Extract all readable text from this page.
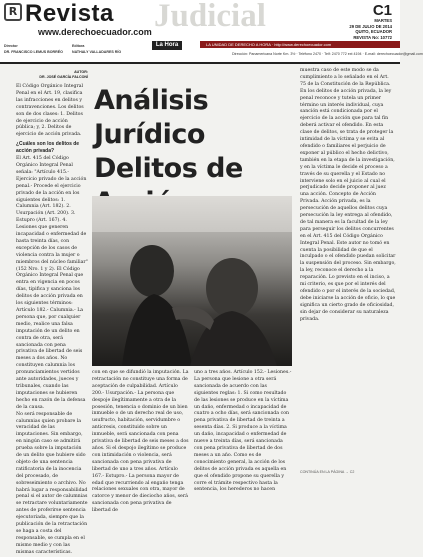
R Revista Judicial
www.derechoecuador.com
C1
MARTES
29 DE JULIO DE 2014
QUITO, ECUADOR
REVISTA No: 10772
Director
DR. FRANCISCO LEMUS BORRÉO
Editora
NATHALY VALLADARES RÍO
La Hora	LA UNIDAD DE DERECHO A HORA · http://www.derechoecuador.com
Dirección: Panamericana Norte Km. 3½ · Teléfono 2470 · Telf: 2470 772 ext 4194 · E-mail: derechoecuador@gmail.com
AUTOR:
DR. JOSÉ GARCÍA FALCONÍ

El Código Orgánico Integral Penal en el Art. 19, clasifica las infracciones en delitos y contravenciones. Los delitos son de dos clases: 1. Delitos de ejercicio de acción pública; y, 2. Delitos de ejercicio de acción privada.

¿Cuáles son los delitos de acción privada?

El Art. 415 del Código Orgánico Integral Penal señala: "Artículo 415.- Ejercicio privado de la acción penal.- Procede el ejercicio privado de la acción en los siguientes delitos: 1. Calumnia (Art. 182). 2. Usurpación (Art. 200). 3. Estupro (Art. 167). 4. Lesiones que generen incapacidad o enfermedad de hasta treinta días, con excepción de los casos de violencia contra la mujer o miembros del núcleo familiar" (152 Nro. 1 y 2). El Código Orgánico Integral Penal que entra en vigencia en pocos días, tipifica y sanciona los delitos de acción privada en los siguientes términos: Artículo 182.- Calumnia.- La persona que, por cualquier medio, realice una falsa imputación de un delito en contra de otra, será sancionada con pena privativa de libertad de seis meses a dos años. No constituyen calumnia los pronunciamientos vertidos ante autoridades, jueces y tribunales, cuando las imputaciones se hubieren hecho en razón de la defensa de la causa.

No será responsable de calumnias quien probare la veracidad de las imputaciones. Sin embargo, en ningún caso se admitirá prueba sobre la imputación de un delito que hubiere sido objeto de una sentencia ratificatoria de la inocencia del procesado, de sobreseimiento o archivo. No habrá lugar a responsabilidad penal si el autor de calumnias se retractare voluntariamente antes de proferirse sentencia ejecutoriada, siempre que la publicación de la retractación se haga a costa del responsable, se cumpla en el mismo medio y con las mismas características.

Análisis Jurídico Delitos de

con en que se difundió la imputación. La retractación no constituye una forma de aceptación de culpabilidad. Artículo 200.- Usurpación.- La persona que despoje ilegítimamente a otra de la posesión, tenencia o dominio de un bien inmueble o de un derecho real de uso, usufructo, habitación, servidumbre o anticresis, constituido sobre un inmueble, será sancionada con pena privativa de libertad de seis meses a dos años. Si el despojo ilegítimo se produce con intimidación o violencia, será sancionada con pena privativa de libertad de uno a tres años. Artículo 167.- Estupro.- La persona mayor de edad que recurriendo al engaño tenga relaciones sexuales con otra, mayor de catorce y menor de dieciocho años, será sancionada con pena privativa de libertad de

uno a tres años. Artículo 152.- Lesiones.- La persona que lesione a otra será sancionada de acuerdo con las siguientes reglas: 1. Si como resultado de las lesiones se produce en la víctima un daño, enfermedad o incapacidad de cuatro a ocho días, será sancionada con pena privativa de libertad de treinta a sesenta días. 2. Si produce a la víctima un daño, incapacidad o enfermedad de nueve a treinta días, será sancionada con pena privativa de libertad de dos meses a un año. Como es de conocimiento general, la acción de los delitos de acción privada es aquella en que el ofendido propone su querella y corre el trámite respectivo hasta la sentencia, los herederos no hacen

muestra caso de este modo se da cumplimiento a lo señalado en el Art. 75 de la Constitución de la República. En los delitos de acción privada, la ley penal reconoce y tutela un primer término un interés individual, cuya sanción está condicionada por el ejercicio de la acción que para tal fin deberá activar el ofendido. En esta clase de delitos, se trata de proteger la intimidad de la víctima y se evita al ofendido o familiares el perjuicio de exponer al público el hecho delictivo, también en la etapa de la investigación, y en la víctima le decide el proceso a través de su querella y el Estado no interviene solo en el juicio al cual el perjudicado decide proponer al juez una acción. Concepto de Acción Privada. Acción privada, es la persecución de aquellos delitos cuya persecución la ley entrega al ofendido, de tal manera es la facultad de la ley para perseguir los delitos concurrentes en el Art. 415 del Código Orgánico Integral Penal. Este autor no tomó en cuenta la posibilidad de que el inculpado o el ofendido puedan solicitar la suspensión del proceso. Sin embargo, la ley, reconoce el derecho a la reparación. Lo previsto en el inciso, a mi criterio, es que por el interés del ofendido o por el interés de la sociedad, debe iniciarse la acción de oficio, lo que significa un cierto grado de oficiosidad, sin dejar de considerar su naturaleza privada.

CONTINÚA EN LA PÁGINA → C2
